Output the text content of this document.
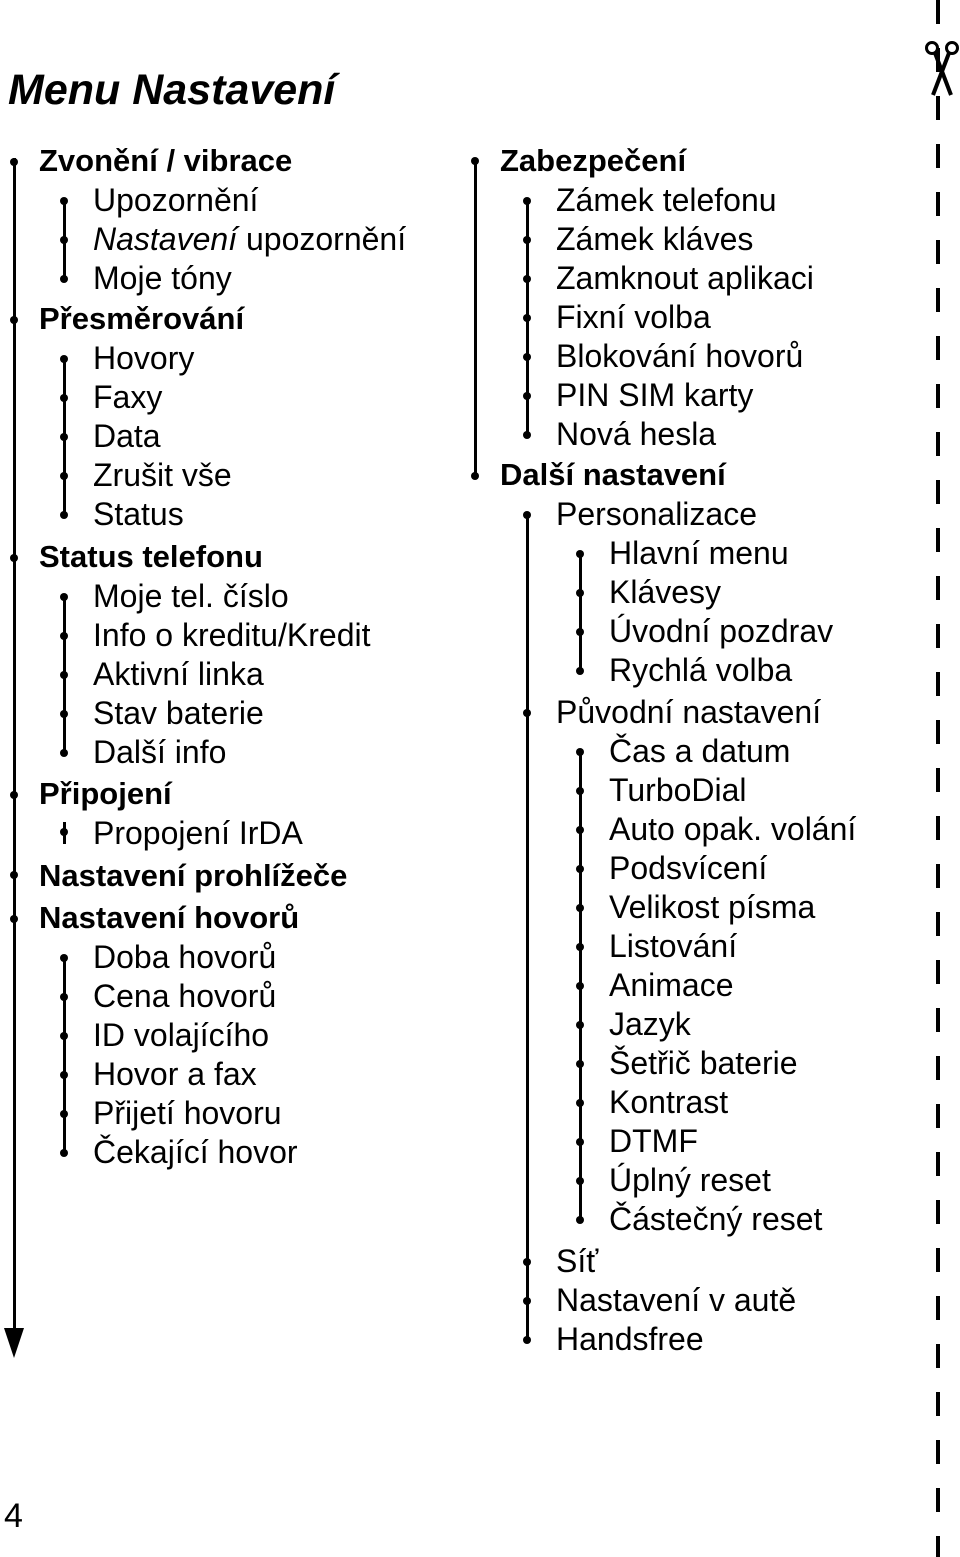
Menu Nastavení

Zvonění / vibrace

Upozornění

Nastavení upozornění

Moje tóny

Přesměrování

Hovory

Faxy

Data

Zrušit vše

Status

Status telefonu

Moje tel. číslo

Info o kreditu/Kredit

Aktivní linka

Stav baterie

Další info

Připojení

Propojení IrDA

Nastavení prohlížeče

Nastavení hovorů

Doba hovorů

Cena hovorů

ID volajícího

Hovor a fax

Přijetí hovoru

Čekající hovor

Zabezpečení

Zámek telefonu

Zámek kláves

Zamknout aplikaci

Fixní volba

Blokování hovorů

PIN SIM karty

Nová hesla

Další nastavení

Personalizace

Hlavní menu

Klávesy

Úvodní pozdrav

Rychlá volba

Původní nastavení

Čas a datum

TurboDial

Auto opak. volání

Podsvícení

Velikost písma

Listování

Animace

Jazyk

Šetřič baterie

Kontrast

DTMF

Úplný reset

Částečný reset

Síť

Nastavení v autě

Handsfree

4
